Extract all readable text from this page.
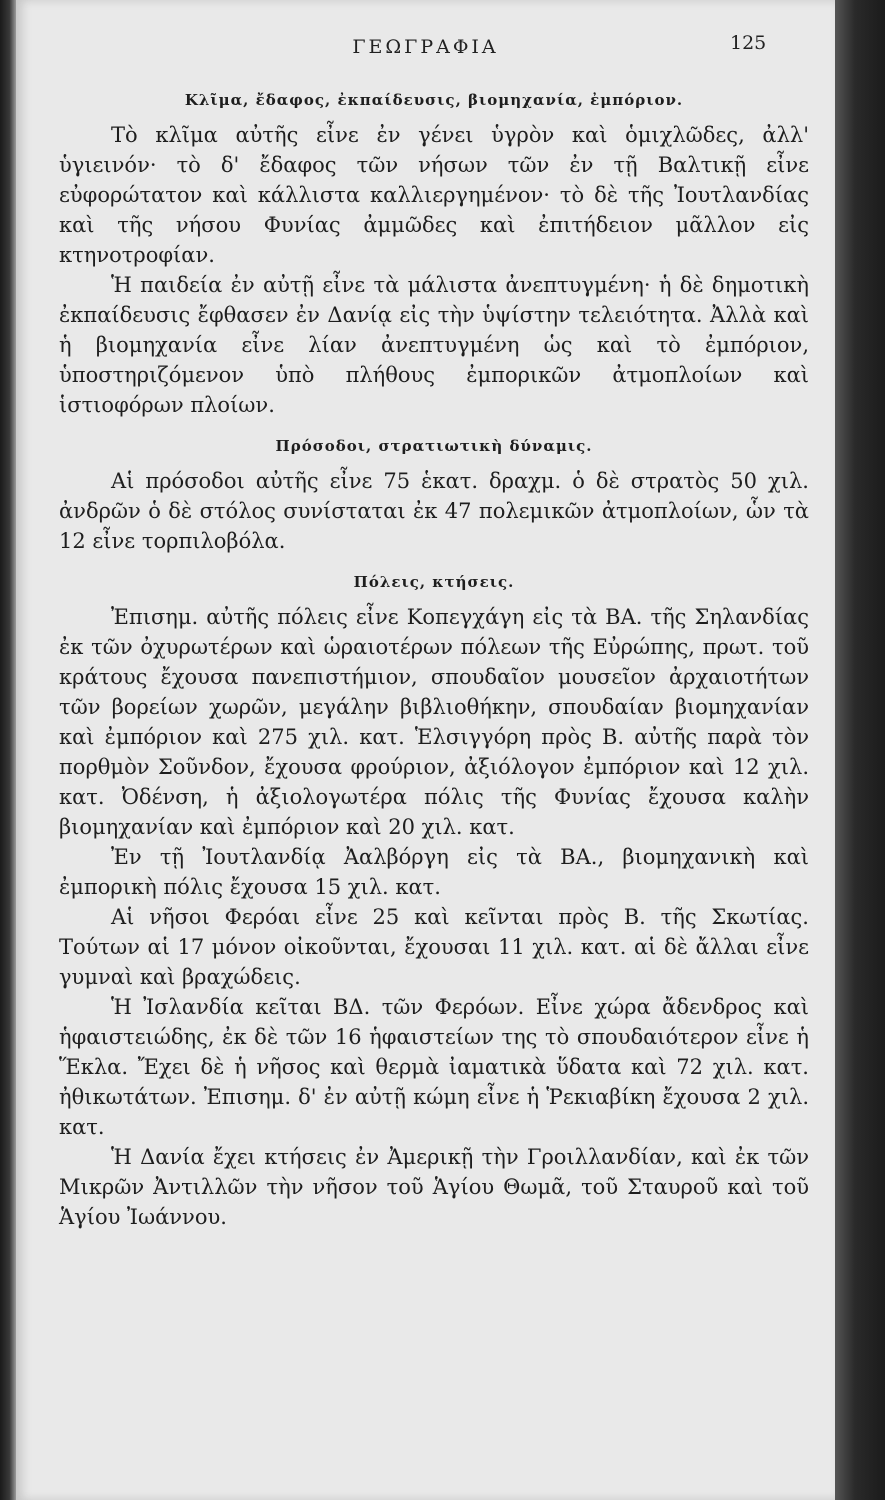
ΓΕΩΓΡΑΦΙΑ	125
Κλῖμα, ἔδαφος, ἐκπαίδευσις, βιομηχανία, ἐμπόριον.

Τὸ κλῖμα αὐτῆς εἶνε ἐν γένει ὑγρὸν καὶ ὁμιχλῶδες, ἀλλ' ὑγιεινόν· τὸ δ' ἔδαφος τῶν νήσων τῶν ἐν τῇ Βαλτικῇ εἶνε εὐφορώτατον καὶ κάλλιστα καλλιεργημένον· τὸ δὲ τῆς Ἰουτλανδίας καὶ τῆς νήσου Φυνίας ἀμμῶδες καὶ ἐπιτήδειον μᾶλλον εἰς κτηνοτροφίαν.

Ἡ παιδεία ἐν αὐτῇ εἶνε τὰ μάλιστα ἀνεπτυγμένη· ἡ δὲ δημοτικὴ ἐκπαίδευσις ἔφθασεν ἐν Δανίᾳ εἰς τὴν ὑψίστην τελειότητα. Ἀλλὰ καὶ ἡ βιομηχανία εἶνε λίαν ἀνεπτυγμένη ὡς καὶ τὸ ἐμπόριον, ὑποστηριζόμενον ὑπὸ πλήθους ἐμπορικῶν ἀτμοπλοίων καὶ ἱστιοφόρων πλοίων.

Πρόσοδοι, στρατιωτικὴ δύναμις.

Αἱ πρόσοδοι αὐτῆς εἶνε 75 ἑκατ. δραχμ. ὁ δὲ στρατὸς 50 χιλ. ἀνδρῶν ὁ δὲ στόλος συνίσταται ἐκ 47 πολεμικῶν ἀτμοπλοίων, ὧν τὰ 12 εἶνε τορπιλοβόλα.

Πόλεις, κτήσεις.

Ἐπισημ. αὐτῆς πόλεις εἶνε Κοπεγχάγη εἰς τὰ ΒΑ. τῆς Σηλανδίας ἐκ τῶν ὀχυρωτέρων καὶ ὡραιοτέρων πόλεων τῆς Εὐρώπης, πρωτ. τοῦ κράτους ἔχουσα πανεπιστήμιον, σπουδαῖον μουσεῖον ἀρχαιοτήτων τῶν βορείων χωρῶν, μεγάλην βιβλιοθήκην, σπουδαίαν βιομηχανίαν καὶ ἐμπόριον καὶ 275 χιλ. κατ. Ἑλσιγγόρη πρὸς Β. αὐτῆς παρὰ τὸν πορθμὸν Σοῦνδον, ἔχουσα φρούριον, ἀξιόλογον ἐμπόριον καὶ 12 χιλ. κατ. Ὀδένση, ἡ ἀξιολογωτέρα πόλις τῆς Φυνίας ἔχουσα καλὴν βιομηχανίαν καὶ ἐμπόριον καὶ 20 χιλ. κατ.

Ἐν τῇ Ἰουτλανδίᾳ Ἀαλβόργη εἰς τὰ ΒΑ., βιομηχανικὴ καὶ ἐμπορικὴ πόλις ἔχουσα 15 χιλ. κατ.

Αἱ νῆσοι Φερόαι εἶνε 25 καὶ κεῖνται πρὸς Β. τῆς Σκωτίας. Τούτων αἱ 17 μόνον οἰκοῦνται, ἔχουσαι 11 χιλ. κατ. αἱ δὲ ἄλλαι εἶνε γυμναὶ καὶ βραχώδεις.

Ἡ Ἰσλανδία κεῖται ΒΔ. τῶν Φερόων. Εἶνε χώρα ἄδενδρος καὶ ἡφαιστειώδης, ἐκ δὲ τῶν 16 ἡφαιστείων της τὸ σπουδαιότερον εἶνε ἡ Ἕκλα. Ἔχει δὲ ἡ νῆσος καὶ θερμὰ ἰαματικὰ ὕδατα καὶ 72 χιλ. κατ. ἠθικωτάτων. Ἐπισημ. δ' ἐν αὐτῇ κώμη εἶνε ἡ Ῥεκιαβίκη ἔχουσα 2 χιλ. κατ.

Ἡ Δανία ἔχει κτήσεις ἐν Ἀμερικῇ τὴν Γροιλλανδίαν, καὶ ἐκ τῶν Μικρῶν Ἀντιλλῶν τὴν νῆσον τοῦ Ἁγίου Θωμᾶ, τοῦ Σταυροῦ καὶ τοῦ Ἁγίου Ἰωάννου.
